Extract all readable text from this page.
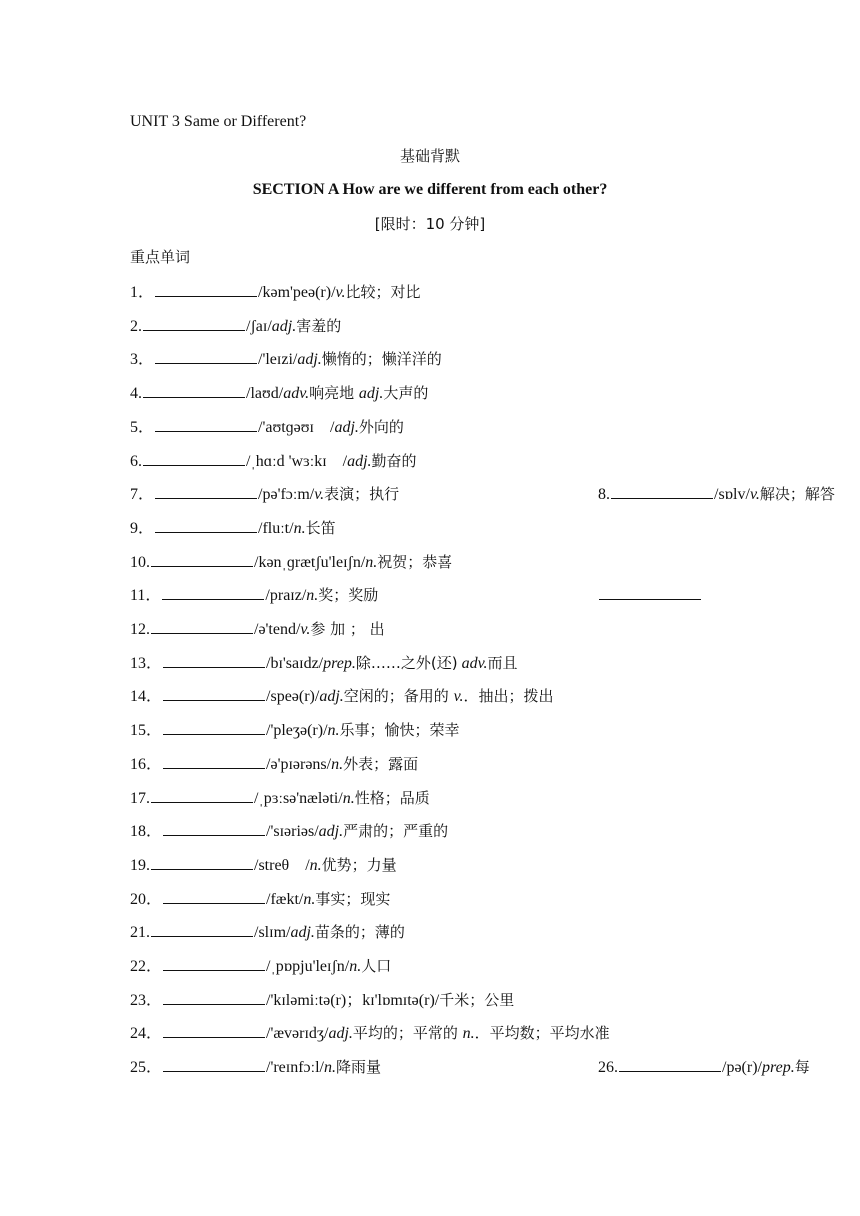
UNIT 3 Same or Different?
基础背默
SECTION A How are we different from each other?
[限时：10 分钟]
重点单词
1．	/kəm'peə(r)/v.比较；对比
2.	/ʃaɪ/adj.害羞的
3．	/'leɪzi/adj.懒惰的；懒洋洋的
4.	/laʊd/adv.响亮地 adj.大声的
5．	/'aʊtɡəʊɪ　/adj.外向的
6.	/ˌhɑːd 'wɜːkɪ　/adj.勤奋的
7．	/pə'fɔːm/v.表演；执行	8.	/sɒlv/v.解决；解答
9．	/fluːt/n.长笛
10.	/kənˌɡrætʃu'leɪʃn/n.祝贺；恭喜
11．	/praɪz/n.奖；奖励
12.	/ə'tend/v.参 加 ； 出
13．	/bɪ'saɪdz/prep.除……之外(还) adv.而且
14．	/speə(r)/adj.空闲的；备用的 v.．抽出；拨出
15．	/'pleʒə(r)/n.乐事；愉快；荣幸
16．	/ə'pɪərəns/n.外表；露面
17.	/ˌpɜːsə'næləti/n.性格；品质
18．	/'sɪəriəs/adj.严肃的；严重的
19.	/streθ　/n.优势；力量
20．	/fækt/n.事实；现实
21.	/slɪm/adj.苗条的；薄的
22．	/ˌpɒpju'leɪʃn/n.人口
23．	/'kɪləmiːtə(r)；kɪ'lɒmɪtə(r)/千米；公里
24．	/'ævərɪdʒ/adj.平均的；平常的 n.．平均数；平均水准
25．	/'reɪnfɔːl/n.降雨量	26.	/pə(r)/prep.每
